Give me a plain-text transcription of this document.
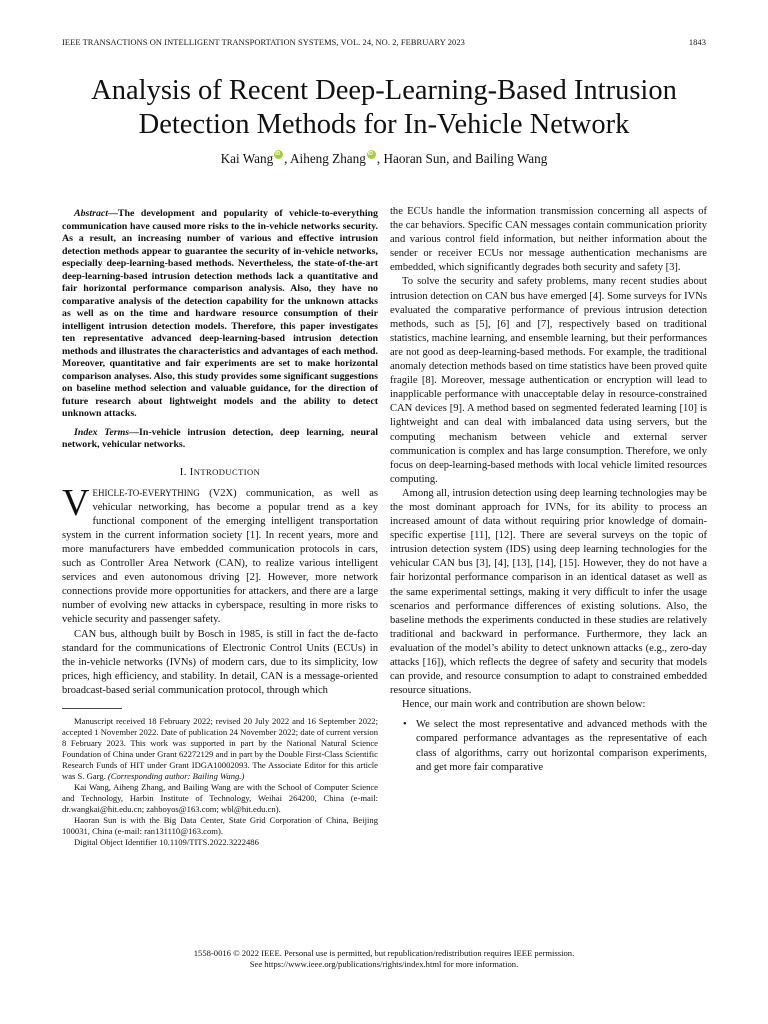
IEEE TRANSACTIONS ON INTELLIGENT TRANSPORTATION SYSTEMS, VOL. 24, NO. 2, FEBRUARY 2023	1843
Analysis of Recent Deep-Learning-Based Intrusion
Detection Methods for In-Vehicle Network
Kai Wang iD , Aiheng Zhang iD , Haoran Sun, and Bailing Wang

Abstract—The development and popularity of vehicle-to-everything communication have caused more risks to the in-vehicle networks security. As a result, an increasing number of various and effective intrusion detection methods appear to guarantee the security of in-vehicle networks, especially deep-learning-based methods. Nevertheless, the state-of-the-art deep-learning-based intrusion detection methods lack a quantitative and fair horizontal performance comparison analysis. Also, they have no comparative analysis of the detection capability for the unknown attacks as well as on the time and hardware resource consumption of their intelligent intrusion detection models. Therefore, this paper investigates ten representative advanced deep-learning-based intrusion detection methods and illustrates the characteristics and advantages of each method. Moreover, quantitative and fair experiments are set to make horizontal comparison analyses. Also, this study provides some significant suggestions on baseline method selection and valuable guidance, for the direction of future research about lightweight models and the ability to detect unknown attacks.

Index Terms—In-vehicle intrusion detection, deep learning, neural network, vehicular networks.

I. INTRODUCTION

VEHICLE-TO-EVERYTHING (V2X) communication, as well as vehicular networking, has become a popular trend as a key functional component of the emerging intelligent transportation system in the current information society [1]. In recent years, more and more manufacturers have embedded communication protocols in cars, such as Controller Area Network (CAN), to realize various intelligent services and even autonomous driving [2]. However, more network connections provide more opportunities for attackers, and there are a large number of evolving new attacks in cyberspace, resulting in more risks to vehicle security and passenger safety.

CAN bus, although built by Bosch in 1985, is still in fact the de-facto standard for the communications of Electronic Control Units (ECUs) in the in-vehicle networks (IVNs) of modern cars, due to its simplicity, low prices, high efficiency, and stability. In detail, CAN is a message-oriented broadcast-based serial communication protocol, through which

Manuscript received 18 February 2022; revised 20 July 2022 and 16 September 2022; accepted 1 November 2022. Date of publication 24 November 2022; date of current version 8 February 2023. This work was supported in part by the National Natural Science Foundation of China under Grant 62272129 and in part by the Double First-Class Scientific Research Funds of HIT under Grant IDGA10002093. The Associate Editor for this article was S. Garg. (Corresponding author: Bailing Wang.)

Kai Wang, Aiheng Zhang, and Bailing Wang are with the School of Computer Science and Technology, Harbin Institute of Technology, Weihai 264200, China (e-mail: dr.wangkai@hit.edu.cn; zahboyos@163.com; wbl@hit.edu.cn).

Haoran Sun is with the Big Data Center, State Grid Corporation of China, Beijing 100031, China (e-mail: ran131110@163.com).

Digital Object Identifier 10.1109/TITS.2022.3222486

the ECUs handle the information transmission concerning all aspects of the car behaviors. Specific CAN messages contain communication priority and various control field information, but neither information about the sender or receiver ECUs nor message authentication mechanisms are embedded, which significantly degrades both security and safety [3].

To solve the security and safety problems, many recent studies about intrusion detection on CAN bus have emerged [4]. Some surveys for IVNs evaluated the comparative performance of previous intrusion detection methods, such as [5], [6] and [7], respectively based on traditional statistics, machine learning, and ensemble learning, but their performances are not good as deep-learning-based methods. For example, the traditional anomaly detection methods based on time statistics have been proved quite fragile [8]. Moreover, message authentication or encryption will lead to inapplicable performance with unacceptable delay in resource-constrained CAN devices [9]. A method based on segmented federated learning [10] is lightweight and can deal with imbalanced data using servers, but the computing mechanism between vehicle and external server communication is complex and has large consumption. Therefore, we only focus on deep-learning-based methods with local vehicle limited resources computing.

Among all, intrusion detection using deep learning technologies may be the most dominant approach for IVNs, for its ability to process an increased amount of data without requiring prior knowledge of domain-specific expertise [11], [12]. There are several surveys on the topic of intrusion detection system (IDS) using deep learning technologies for the vehicular CAN bus [3], [4], [13], [14], [15]. However, they do not have a fair horizontal performance comparison in an identical dataset as well as the same experimental settings, making it very difficult to infer the usage scenarios and performance differences of existing solutions. Also, the baseline methods the experiments conducted in these studies are relatively traditional and backward in performance. Furthermore, they lack an evaluation of the model’s ability to detect unknown attacks (e.g., zero-day attacks [16]), which reflects the degree of safety and security that models can provide, and resource consumption to adapt to constrained embedded resource situations.

Hence, our main work and contribution are shown below:

• We select the most representative and advanced methods with the compared performance advantages as the representative of each class of algorithms, carry out horizontal comparison experiments, and get more fair comparative
1558-0016 © 2022 IEEE. Personal use is permitted, but republication/redistribution requires IEEE permission.
See https://www.ieee.org/publications/rights/index.html for more information.
